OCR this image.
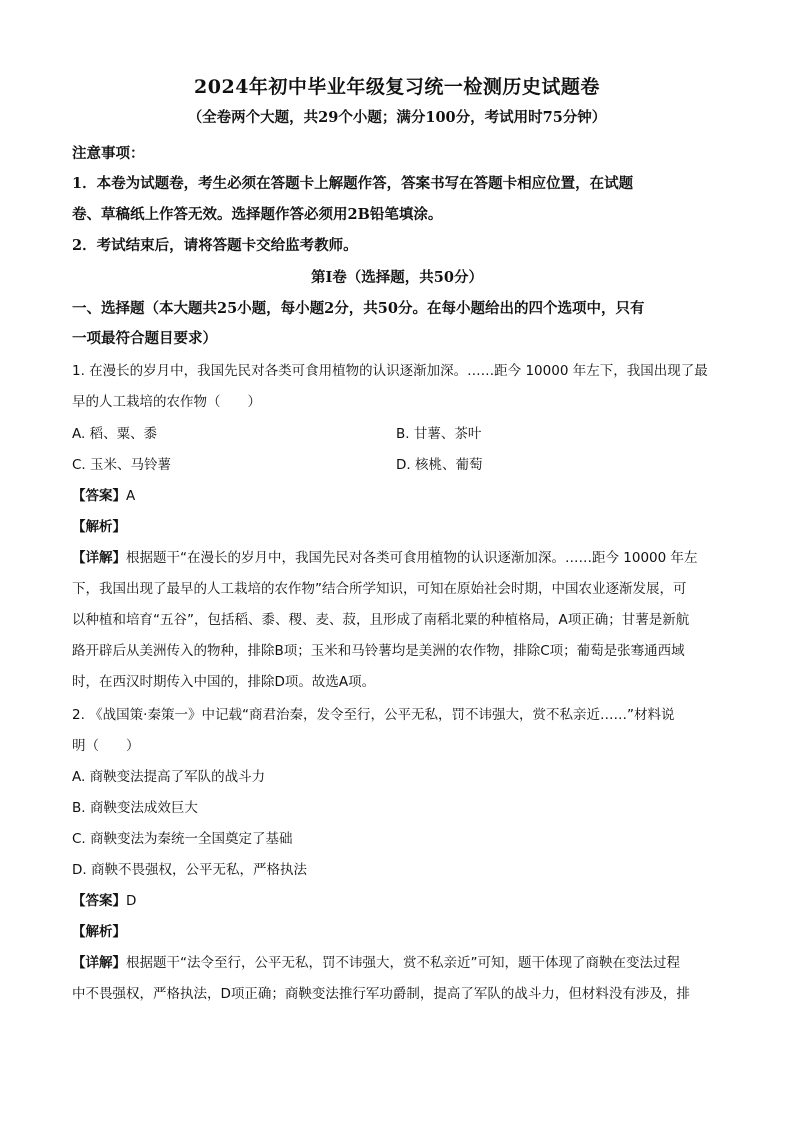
2024年初中毕业年级复习统一检测历史试题卷
（全卷两个大题，共29个小题；满分100分，考试用时75分钟）
注意事项：
1．本卷为试题卷，考生必须在答题卡上解题作答，答案书写在答题卡相应位置，在试题
卷、草稿纸上作答无效。选择题作答必须用2B铅笔填涂。
2．考试结束后，请将答题卡交给监考教师。
第Ⅰ卷（选择题，共50分）
一、选择题（本大题共25小题，每小题2分，共50分。在每小题给出的四个选项中，只有
一项最符合题目要求）
1. 在漫长的岁月中，我国先民对各类可食用植物的认识逐渐加深。……距今 10000 年左下，我国出现了最
早的人工栽培的农作物（　　）
A. 稻、粟、黍	B. 甘薯、茶叶
C. 玉米、马铃薯	D. 核桃、葡萄
【答案】A
【解析】
【详解】根据题干“在漫长的岁月中，我国先民对各类可食用植物的认识逐渐加深。……距今 10000 年左
下，我国出现了最早的人工栽培的农作物”结合所学知识，可知在原始社会时期，中国农业逐渐发展，可
以种植和培育“五谷”，包括稻、黍、稷、麦、菽，且形成了南稻北粟的种植格局，A项正确；甘薯是新航
路开辟后从美洲传入的物种，排除B项；玉米和马铃薯均是美洲的农作物，排除C项；葡萄是张骞通西域
时，在西汉时期传入中国的，排除D项。故选A项。
2. 《战国策·秦策一》中记载“商君治秦，发令至行，公平无私，罚不讳强大，赏不私亲近……”材料说
明（　　）
A. 商鞅变法提高了军队的战斗力
B. 商鞅变法成效巨大
C. 商鞅变法为秦统一全国奠定了基础
D. 商鞅不畏强权，公平无私，严格执法
【答案】D
【解析】
【详解】根据题干“法令至行，公平无私，罚不讳强大，赏不私亲近”可知，题干体现了商鞅在变法过程
中不畏强权，严格执法，D项正确；商鞅变法推行军功爵制，提高了军队的战斗力，但材料没有涉及，排
